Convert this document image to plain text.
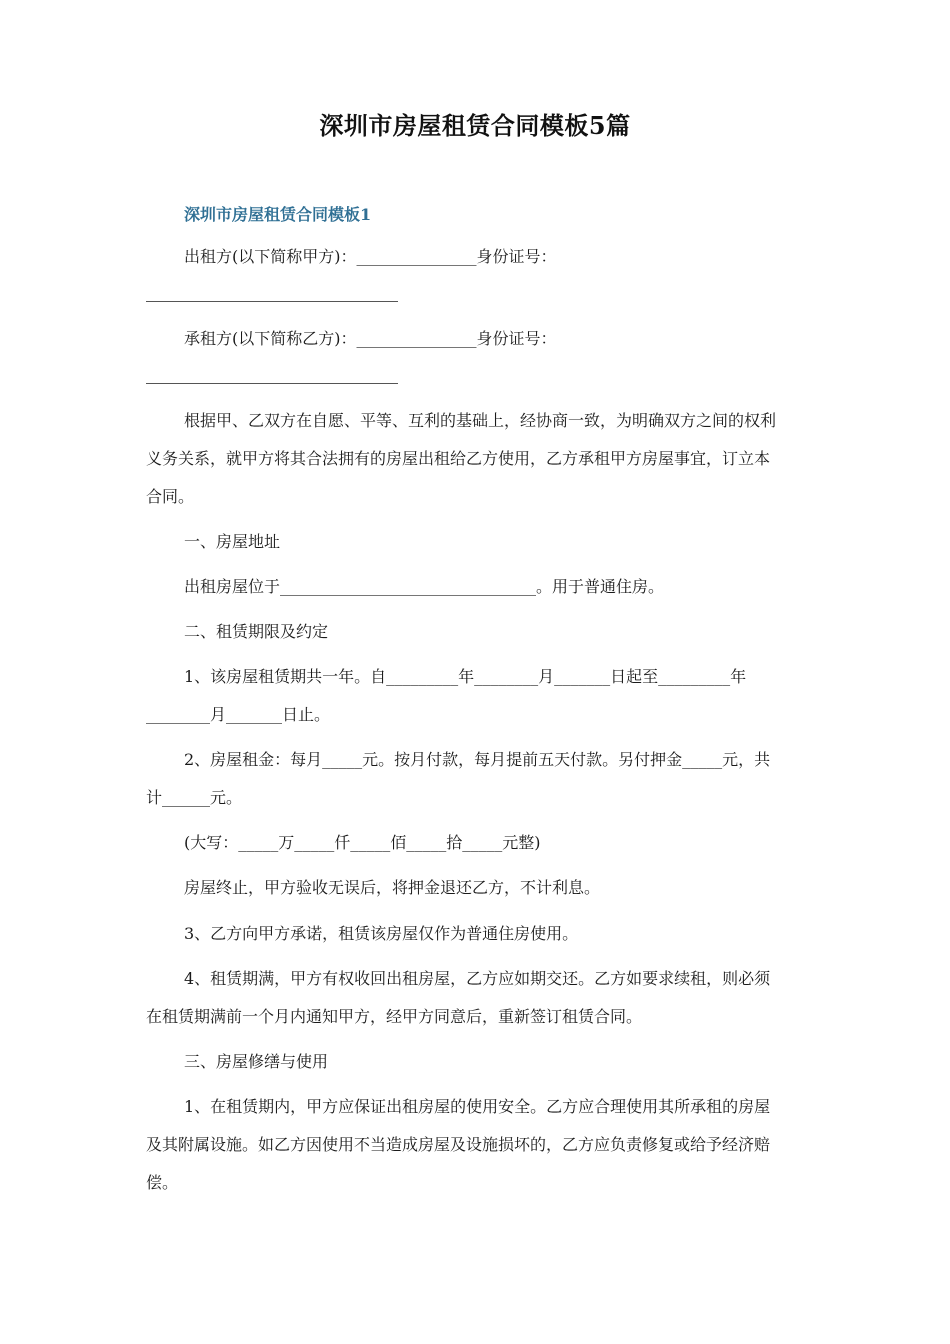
深圳市房屋租赁合同模板5篇
深圳市房屋租赁合同模板1
出租方(以下简称甲方)：_______________身份证号：
承租方(以下简称乙方)：_______________身份证号：
根据甲、乙双方在自愿、平等、互利的基础上，经协商一致，为明确双方之间的权利
义务关系，就甲方将其合法拥有的房屋出租给乙方使用，乙方承租甲方房屋事宜，订立本
合同。
一、房屋地址
出租房屋位于________________________________。用于普通住房。
二、租赁期限及约定
1、该房屋租赁期共一年。自_________年________月_______日起至_________年
________月_______日止。
2、房屋租金：每月_____元。按月付款，每月提前五天付款。另付押金_____元，共
计______元。
(大写：_____万_____仟_____佰_____拾_____元整)
房屋终止，甲方验收无误后，将押金退还乙方，不计利息。
3、乙方向甲方承诺，租赁该房屋仅作为普通住房使用。
4、租赁期满，甲方有权收回出租房屋，乙方应如期交还。乙方如要求续租，则必须
在租赁期满前一个月内通知甲方，经甲方同意后，重新签订租赁合同。
三、房屋修缮与使用
1、在租赁期内，甲方应保证出租房屋的使用安全。乙方应合理使用其所承租的房屋
及其附属设施。如乙方因使用不当造成房屋及设施损坏的，乙方应负责修复或给予经济赔
偿。
